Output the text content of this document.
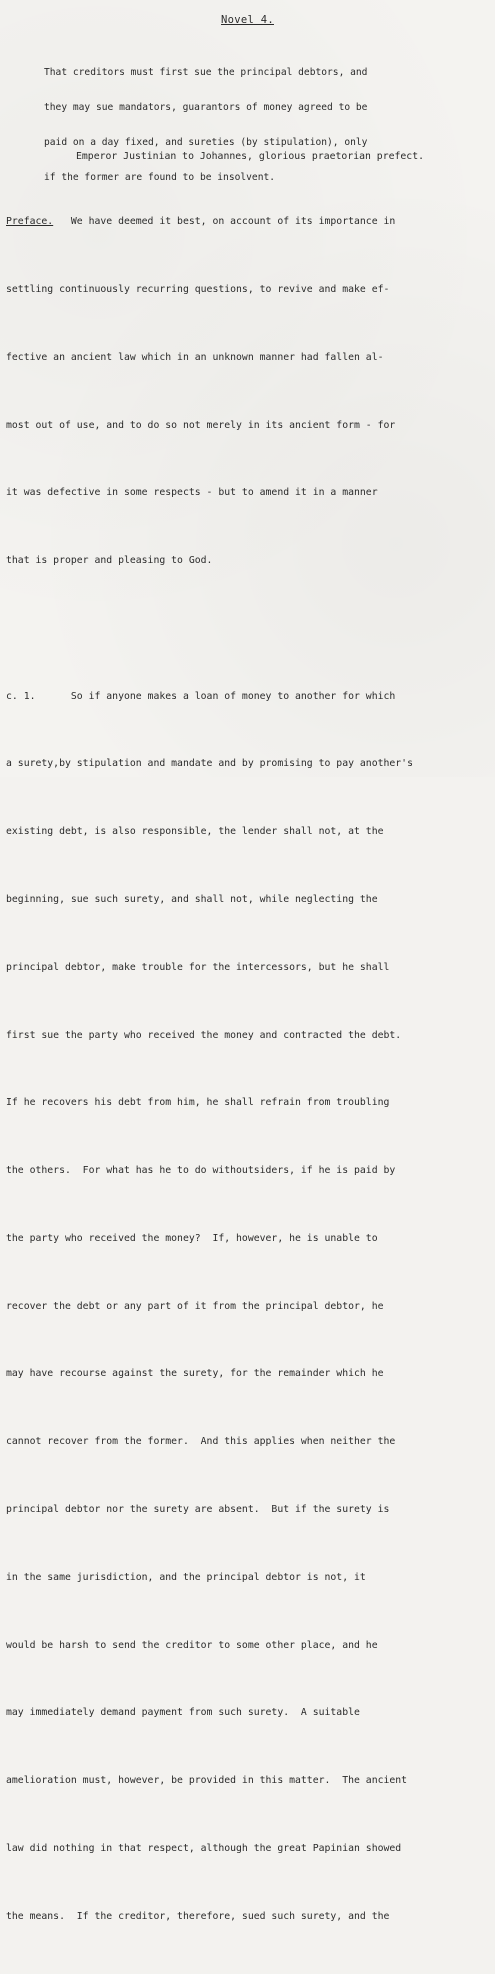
Novel 4.

That creditors must first sue the principal debtors, and

they may sue mandators, guarantors of money agreed to be

paid on a day fixed, and sureties (by stipulation), only

if the former are found to be insolvent.

Emperor Justinian to Johannes, glorious praetorian prefect.

Preface.   We have deemed it best, on account of its importance in

settling continuously recurring questions, to revive and make ef-

fective an ancient law which in an unknown manner had fallen al-

most out of use, and to do so not merely in its ancient form - for

it was defective in some respects - but to amend it in a manner

that is proper and pleasing to God.

c. 1.      So if anyone makes a loan of money to another for which

a surety,by stipulation and mandate and by promising to pay another's

existing debt, is also responsible, the lender shall not, at the

beginning, sue such surety, and shall not, while neglecting the

principal debtor, make trouble for the intercessors, but he shall

first sue the party who received the money and contracted the debt.

If he recovers his debt from him, he shall refrain from troubling

the others.  For what has he to do withoutsiders, if he is paid by

the party who received the money?  If, however, he is unable to

recover the debt or any part of it from the principal debtor, he

may have recourse against the surety, for the remainder which he

cannot recover from the former.  And this applies when neither the

principal debtor nor the surety are absent.  But if the surety is

in the same jurisdiction, and the principal debtor is not, it

would be harsh to send the creditor to some other place, and he

may immediately demand payment from such surety.  A suitable

amelioration must, however, be provided in this matter.  The ancient

law did nothing in that respect, although the great Papinian showed

the means.  If the creditor, therefore, sued such surety, and the
